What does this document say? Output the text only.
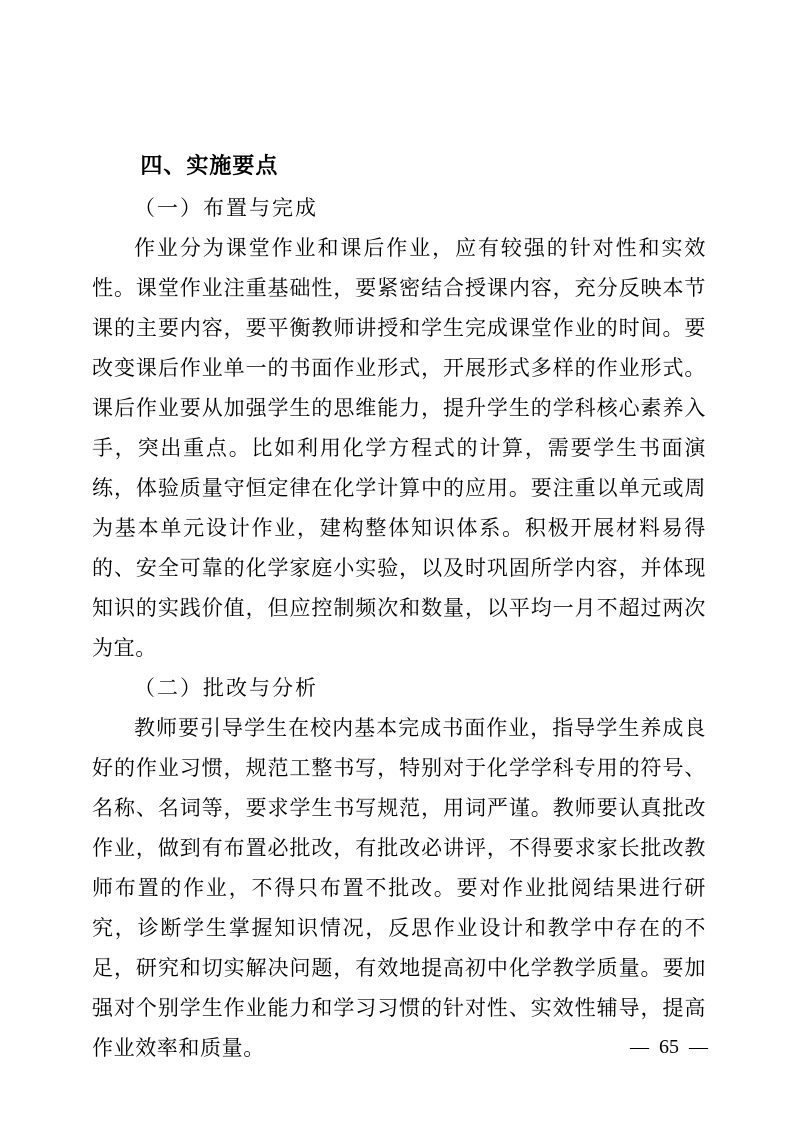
四、实施要点
（一）布置与完成

作业分为课堂作业和课后作业，应有较强的针对性和实效性。课堂作业注重基础性，要紧密结合授课内容，充分反映本节课的主要内容，要平衡教师讲授和学生完成课堂作业的时间。要改变课后作业单一的书面作业形式，开展形式多样的作业形式。课后作业要从加强学生的思维能力，提升学生的学科核心素养入手，突出重点。比如利用化学方程式的计算，需要学生书面演练，体验质量守恒定律在化学计算中的应用。要注重以单元或周为基本单元设计作业，建构整体知识体系。积极开展材料易得的、安全可靠的化学家庭小实验，以及时巩固所学内容，并体现知识的实践价值，但应控制频次和数量，以平均一月不超过两次为宜。

（二）批改与分析

教师要引导学生在校内基本完成书面作业，指导学生养成良好的作业习惯，规范工整书写，特别对于化学学科专用的符号、名称、名词等，要求学生书写规范，用词严谨。教师要认真批改作业，做到有布置必批改，有批改必讲评，不得要求家长批改教师布置的作业，不得只布置不批改。要对作业批阅结果进行研究，诊断学生掌握知识情况，反思作业设计和教学中存在的不足，研究和切实解决问题，有效地提高初中化学教学质量。要加强对个别学生作业能力和学习习惯的针对性、实效性辅导，提高作业效率和质量。	— 65 —
